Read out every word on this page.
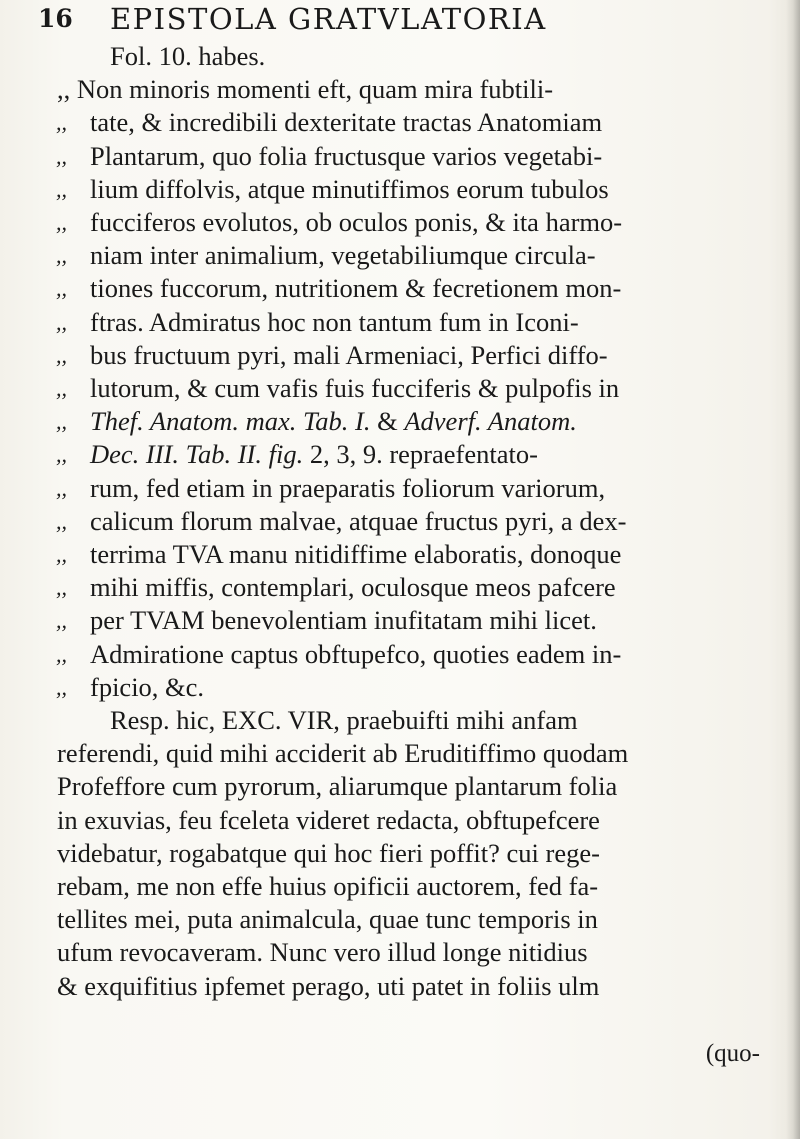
16 EPISTOLA GRATVLATORIA
Fol. 10. habes.
,, Non minoris momenti eft, quam mira fubtili-
,, tate, & incredibili dexteritate tractas Anatomiam
,, Plantarum, quo folia fructusque varios vegetabi-
,, lium diffolvis, atque minutiffimos eorum tubulos
,, fucciferos evolutos, ob oculos ponis, & ita harmo-
,, niam inter animalium, vegetabiliumque circula-
,, tiones fuccorum, nutritionem & fecretionem mon-
,, ftras. Admiratus hoc non tantum fum in Iconi-
,, bus fructuum pyri, mali Armeniaci, Perfici diffo-
,, lutorum, & cum vafis fuis fucciferis & pulpofis in
,, Thef. Anatom. max. Tab. I. & Adverf. Anatom.
,, Dec. III. Tab. II. fig. 2, 3, 9. repraefentato-
,, rum, fed etiam in praeparatis foliorum variorum,
,, calicum florum malvae, atquae fructus pyri, a dex-
,, terrima TVA manu nitidiffime elaboratis, donoque
,, mihi miffis, contemplari, oculosque meos pafcere
,, per TVAM benevolentiam inufitatam mihi licet.
,, Admiratione captus obftupefco, quoties eadem in-
,, fpicio, &c.
Resp. hic, EXC. VIR, praebuifti mihi anfam
referendi, quid mihi acciderit ab Eruditiffimo quodam
Profeffore cum pyrorum, aliarumque plantarum folia
in exuvias, feu fceleta videret redacta, obftupefcere
videbatur, rogabatque qui hoc fieri poffit? cui rege-
rebam, me non effe huius opificii auctorem, fed fa-
tellites mei, puta animalcula, quae tunc temporis in
ufum revocaveram. Nunc vero illud longe nitidius
& exquifitius ipfemet perago, uti patet in foliis ulm
(quo-
